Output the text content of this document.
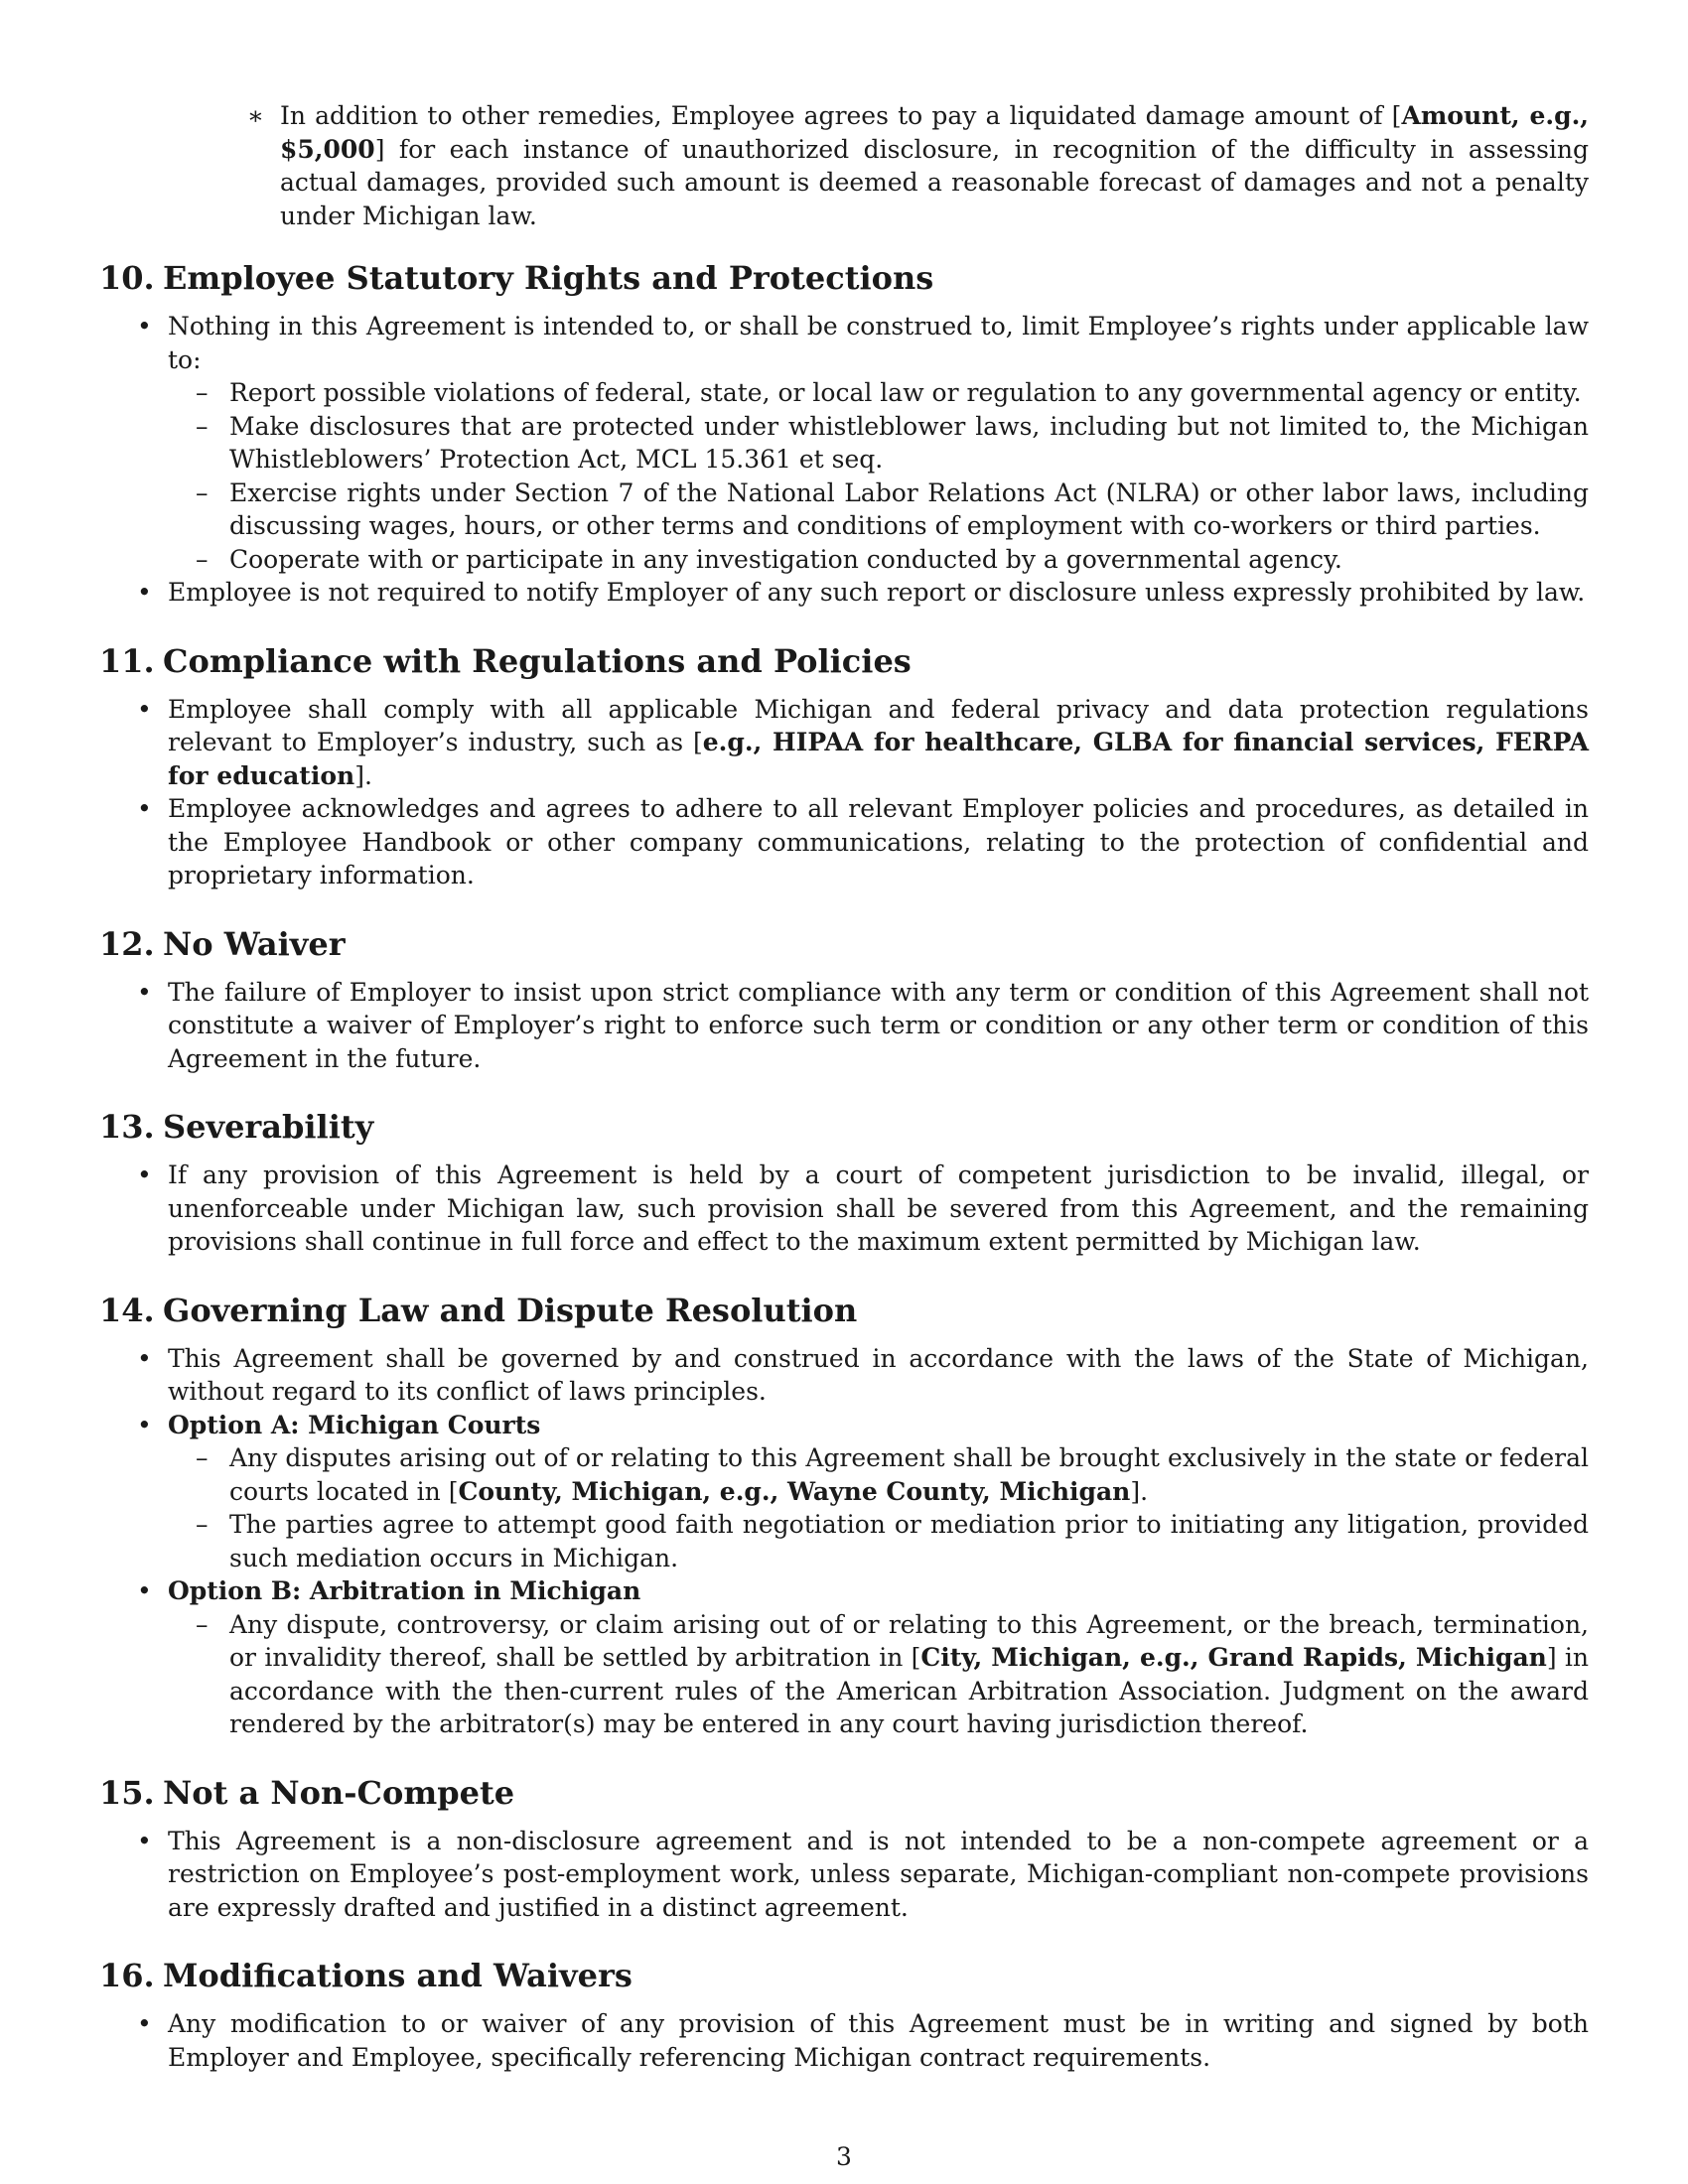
∗ In addition to other remedies, Employee agrees to pay a liquidated damage amount of [Amount, e.g., $5,000] for each instance of unauthorized disclosure, in recognition of the difficulty in assessing actual damages, provided such amount is deemed a reasonable forecast of damages and not a penalty under Michigan law.
10. Employee Statutory Rights and Protections
• Nothing in this Agreement is intended to, or shall be construed to, limit Employee’s rights under applicable law to:
– Report possible violations of federal, state, or local law or regulation to any governmental agency or entity.
– Make disclosures that are protected under whistleblower laws, including but not limited to, the Michigan Whistleblowers’ Protection Act, MCL 15.361 et seq.
– Exercise rights under Section 7 of the National Labor Relations Act (NLRA) or other labor laws, including discussing wages, hours, or other terms and conditions of employment with co-workers or third parties.
– Cooperate with or participate in any investigation conducted by a governmental agency.
• Employee is not required to notify Employer of any such report or disclosure unless expressly prohibited by law.
11. Compliance with Regulations and Policies
• Employee shall comply with all applicable Michigan and federal privacy and data protection regulations relevant to Employer’s industry, such as [e.g., HIPAA for healthcare, GLBA for financial services, FERPA for education].
• Employee acknowledges and agrees to adhere to all relevant Employer policies and procedures, as detailed in the Employee Handbook or other company communications, relating to the protection of confidential and proprietary information.
12. No Waiver
• The failure of Employer to insist upon strict compliance with any term or condition of this Agreement shall not constitute a waiver of Employer’s right to enforce such term or condition or any other term or condition of this Agreement in the future.
13. Severability
• If any provision of this Agreement is held by a court of competent jurisdiction to be invalid, illegal, or unenforceable under Michigan law, such provision shall be severed from this Agreement, and the remaining provisions shall continue in full force and effect to the maximum extent permitted by Michigan law.
14. Governing Law and Dispute Resolution
• This Agreement shall be governed by and construed in accordance with the laws of the State of Michigan, without regard to its conflict of laws principles.
• Option A: Michigan Courts
– Any disputes arising out of or relating to this Agreement shall be brought exclusively in the state or federal courts located in [County, Michigan, e.g., Wayne County, Michigan].
– The parties agree to attempt good faith negotiation or mediation prior to initiating any litigation, provided such mediation occurs in Michigan.
• Option B: Arbitration in Michigan
– Any dispute, controversy, or claim arising out of or relating to this Agreement, or the breach, termination, or invalidity thereof, shall be settled by arbitration in [City, Michigan, e.g., Grand Rapids, Michigan] in accordance with the then-current rules of the American Arbitration Association. Judgment on the award rendered by the arbitrator(s) may be entered in any court having jurisdiction thereof.
15. Not a Non-Compete
• This Agreement is a non-disclosure agreement and is not intended to be a non-compete agreement or a restriction on Employee’s post-employment work, unless separate, Michigan-compliant non-compete provisions are expressly drafted and justified in a distinct agreement.
16. Modifications and Waivers
• Any modification to or waiver of any provision of this Agreement must be in writing and signed by both Employer and Employee, specifically referencing Michigan contract requirements.
3
